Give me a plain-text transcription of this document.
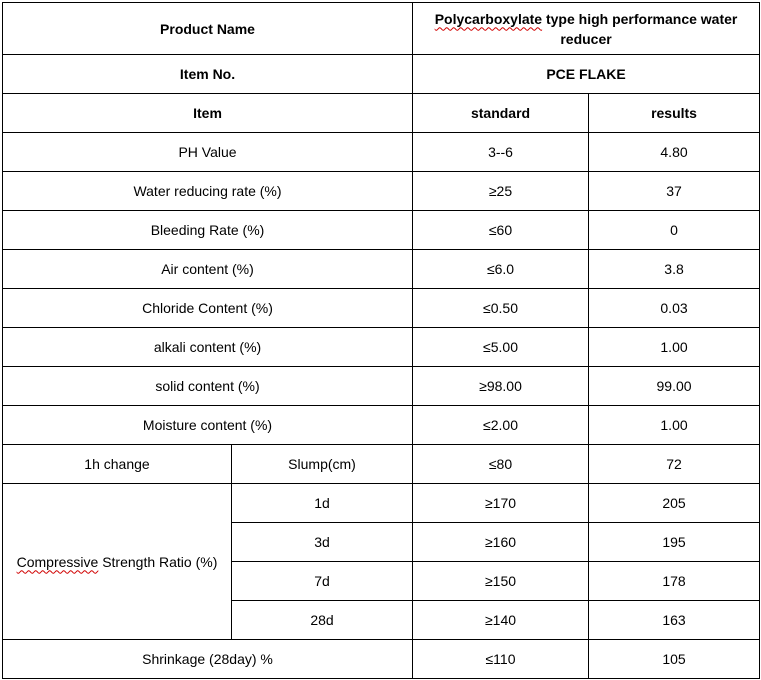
Product Name		Polycarboxylate type high performance water reducer	
Item No.		PCE FLAKE	
Item		standard	results
PH Value		3--6	4.80
Water reducing rate (%)		≥25	37
Bleeding Rate (%)		≤60	0
Air content (%)		≤6.0	3.8
Chloride Content (%)		≤0.50	0.03
alkali content (%)		≤5.00	1.00
solid content (%)		≥98.00	99.00
Moisture content (%)		≤2.00	1.00
1h change	Slump(cm)	≤80	72
Compressive Strength Ratio (%)	1d	≥170	205
	3d	≥160	195
	7d	≥150	178
	28d	≥140	163
Shrinkage (28day) %		≤110	105
